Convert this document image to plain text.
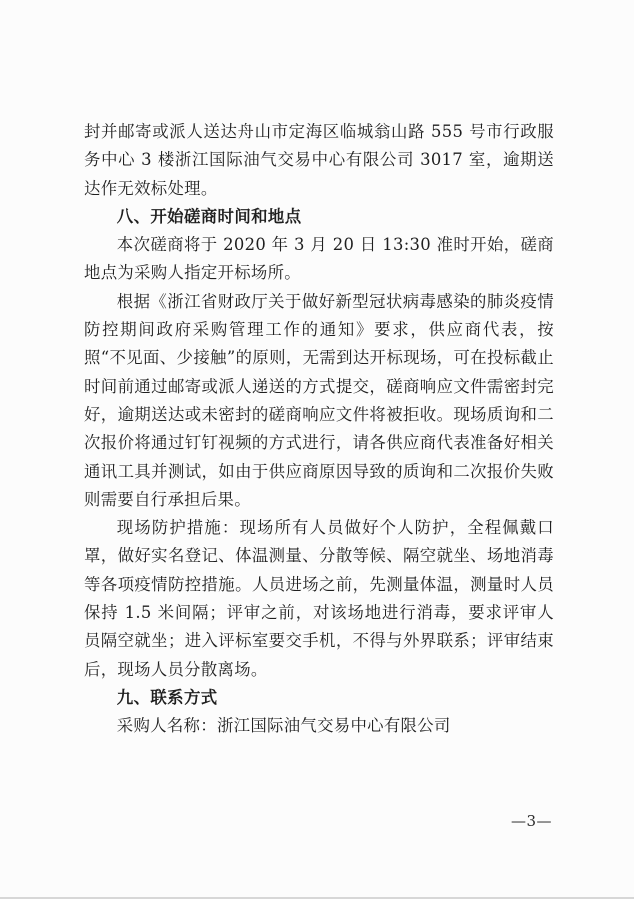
封并邮寄或派人送达舟山市定海区临城翁山路 555 号市行政服务中心 3 楼浙江国际油气交易中心有限公司 3017 室，逾期送达作无效标处理。

八、开始磋商时间和地点

本次磋商将于 2020 年 3 月 20 日 13:30 准时开始，磋商地点为采购人指定开标场所。

根据《浙江省财政厅关于做好新型冠状病毒感染的肺炎疫情防控期间政府采购管理工作的通知》要求，供应商代表，按照“不见面、少接触”的原则，无需到达开标现场，可在投标截止时间前通过邮寄或派人递送的方式提交，磋商响应文件需密封完好，逾期送达或未密封的磋商响应文件将被拒收。现场质询和二次报价将通过钉钉视频的方式进行，请各供应商代表准备好相关通讯工具并测试，如由于供应商原因导致的质询和二次报价失败则需要自行承担后果。

现场防护措施：现场所有人员做好个人防护，全程佩戴口罩，做好实名登记、体温测量、分散等候、隔空就坐、场地消毒等各项疫情防控措施。人员进场之前，先测量体温，测量时人员保持 1.5 米间隔；评审之前，对该场地进行消毒，要求评审人员隔空就坐；进入评标室要交手机，不得与外界联系；评审结束后，现场人员分散离场。

九、联系方式

采购人名称：浙江国际油气交易中心有限公司

—3—
